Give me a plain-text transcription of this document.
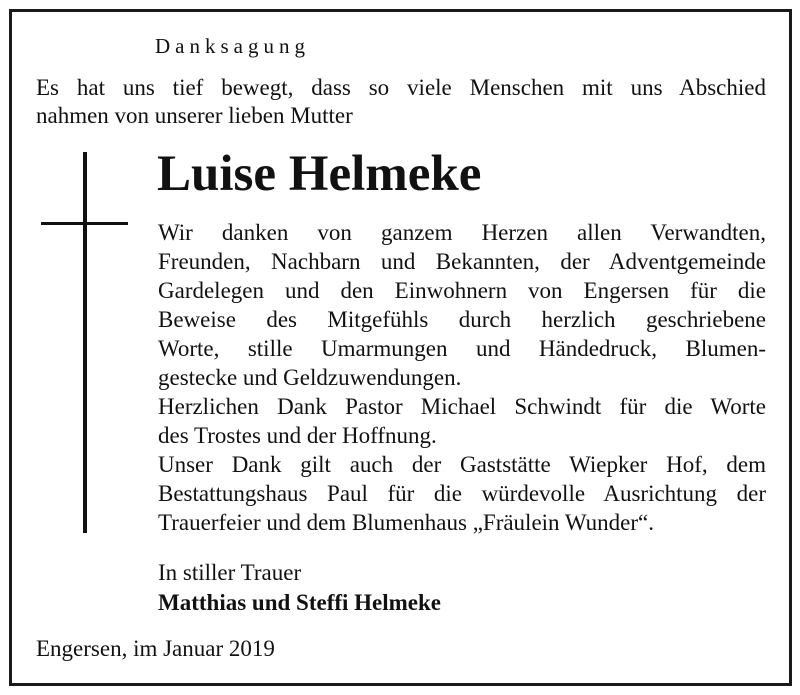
Danksagung
Es hat uns tief bewegt, dass so viele Menschen mit uns Abschied
nahmen von unserer lieben Mutter
Luise Helmeke
Wir danken von ganzem Herzen allen Verwandten,
Freunden, Nachbarn und Bekannten, der Adventgemeinde
Gardelegen und den Einwohnern von Engersen für die
Beweise des Mitgefühls durch herzlich geschriebene
Worte, stille Umarmungen und Händedruck, Blumen-
gestecke und Geldzuwendungen.
Herzlichen Dank Pastor Michael Schwindt für die Worte
des Trostes und der Hoffnung.
Unser Dank gilt auch der Gaststätte Wiepker Hof, dem
Bestattungshaus Paul für die würdevolle Ausrichtung der
Trauerfeier und dem Blumenhaus „Fräulein Wunder“.
In stiller Trauer
Matthias und Steffi Helmeke
Engersen, im Januar 2019
